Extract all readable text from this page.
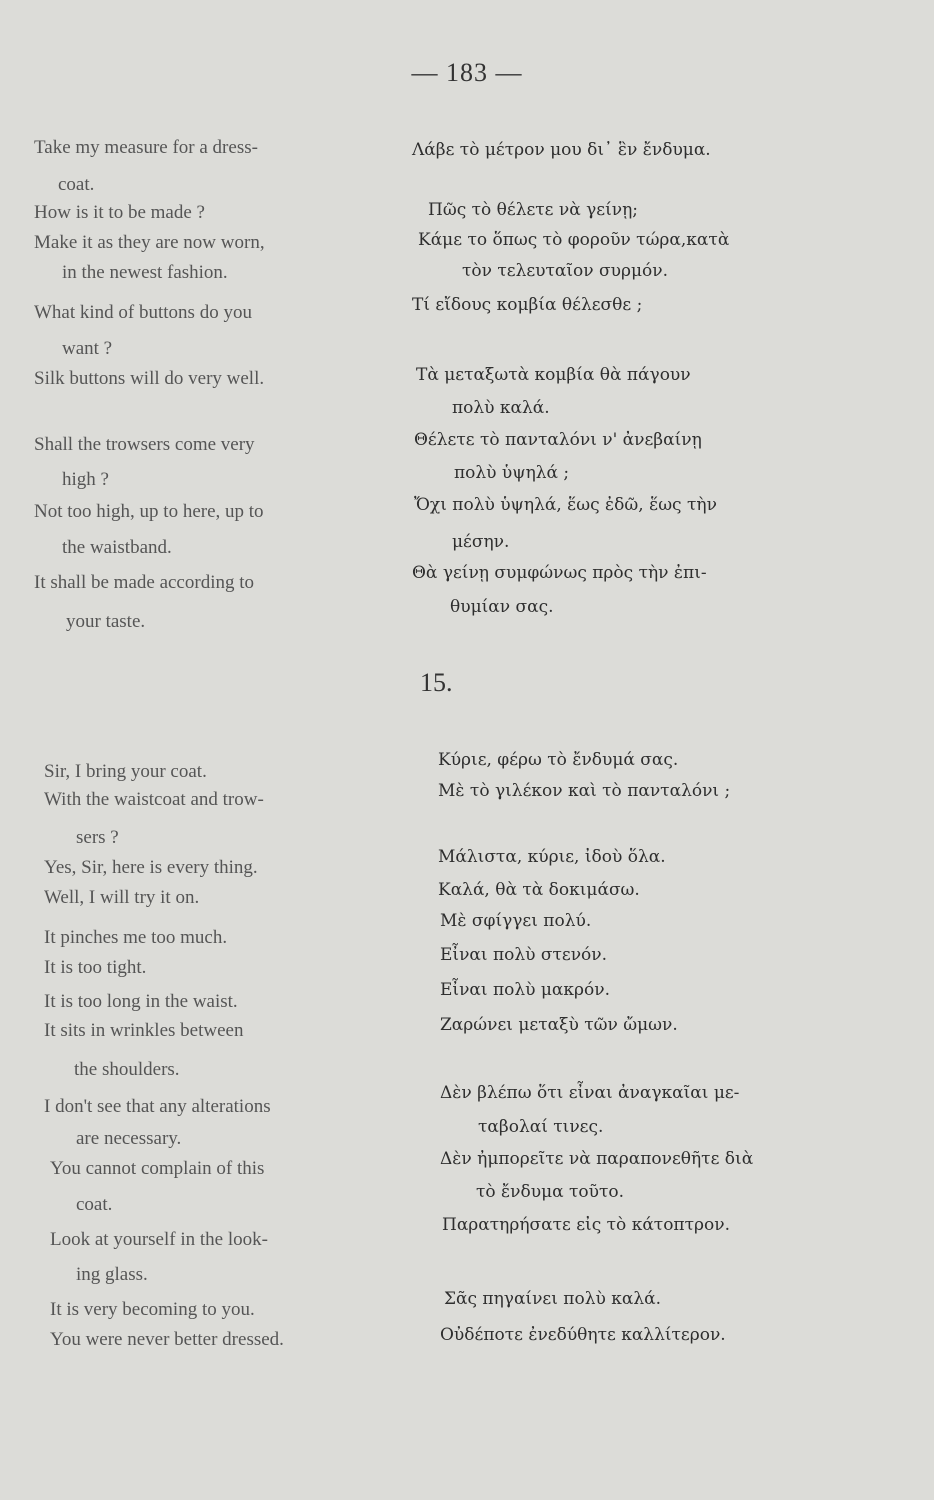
— 183 —
Take my measure for a dress-
coat.
How is it to be made ?
Make it as they are now worn,
in the newest fashion.
What kind of buttons do you
want ?
Silk buttons will do very well.
Shall the trowsers come very
high ?
Not too high, up to here, up to
the waistband.
It shall be made according to
your taste.
Λάβε τὸ μέτρον μου δι᾿ ἓν ἔνδυμα.
Πῶς τὸ θέλετε νὰ γείνῃ;
Κάμε το ὅπως τὸ φοροῦν τώρα,κατὰ
τὸν τελευταῖον συρμόν.
Τί εἴδους κομβία θέλεσθε ;
Τὰ μεταξωτὰ κομβία θὰ πάγουν
πολὺ καλά.
Θέλετε τὸ πανταλόνι ν' ἀνεβαίνῃ
πολὺ ὑψηλά ;
Ὄχι πολὺ ὑψηλά, ἕως ἐδῶ, ἕως τὴν
μέσην.
Θὰ γείνῃ συμφώνως πρὸς τὴν ἐπι-
θυμίαν σας.
15.
Sir, I bring your coat.
With the waistcoat and trow-
sers ?
Yes, Sir, here is every thing.
Well, I will try it on.
It pinches me too much.
It is too tight.
It is too long in the waist.
It sits in wrinkles between
the shoulders.
I don't see that any alterations
are necessary.
You cannot complain of this
coat.
Look at yourself in the look-
ing glass.
It is very becoming to you.
You were never better dressed.
Κύριε, φέρω τὸ ἔνδυμά σας.
Μὲ τὸ γιλέκον καὶ τὸ πανταλόνι ;
Μάλιστα, κύριε, ἰδοὺ ὅλα.
Καλά, θὰ τὰ δοκιμάσω.
Μὲ σφίγγει πολύ.
Εἶναι πολὺ στενόν.
Εἶναι πολὺ μακρόν.
Ζαρώνει μεταξὺ τῶν ὤμων.
Δὲν βλέπω ὅτι εἶναι ἀναγκαῖαι με-
ταβολαί τινες.
Δὲν ἠμπορεῖτε νὰ παραπονεθῆτε διὰ
τὸ ἔνδυμα τοῦτο.
Παρατηρήσατε εἰς τὸ κάτοπτρον.
Σᾶς πηγαίνει πολὺ καλά.
Οὐδέποτε ἐνεδύθητε καλλίτερον.
